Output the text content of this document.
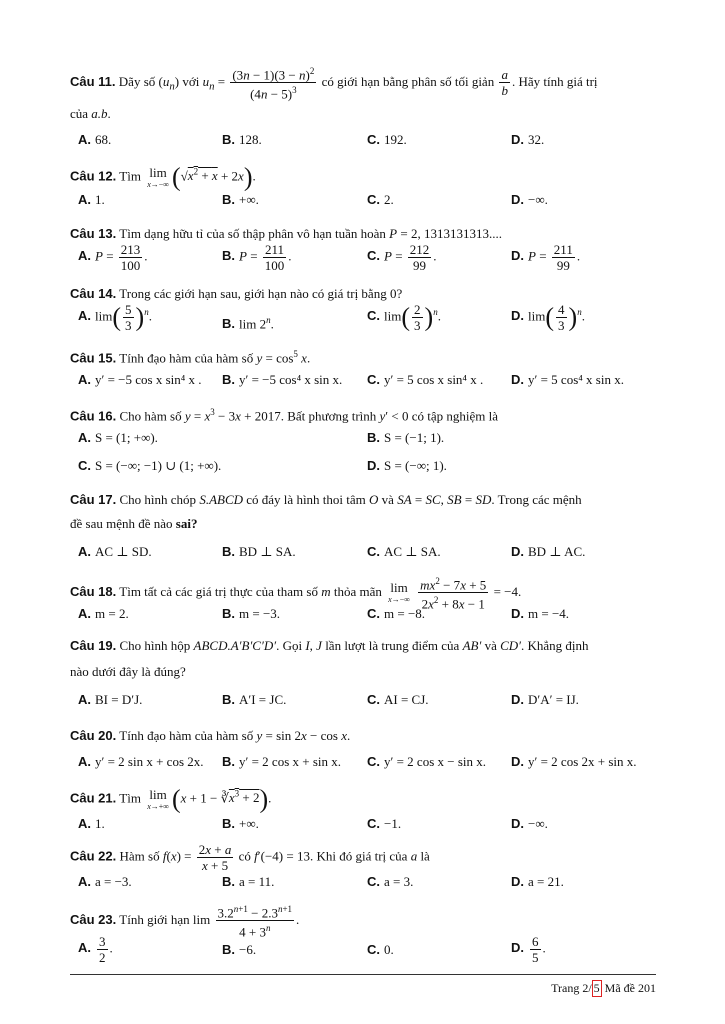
Câu 11. Dãy số $(u_n)$ với $u_n = \frac{(3n - 1)(3 - n)^2}{(4n - 5)^3}$ có giới hạn bằng phân số tối giản $\frac{a}{b}$ . Hãy tính giá trị
của a.b.
A. 68.	B. 128.	C. 192.	D. 32.
Câu 12. Tìm lim
x→−∞ $(√x^2 + x + 2x)$.
A. 1.	B. +∞.	C. 2.	D. −∞.
Câu 13. Tìm dạng hữu tỉ của số thập phân vô hạn tuần hoàn P = 2, 1313131313....
A. $P = \frac{213}{100}$ .	B. $P = \frac{211}{100}$ .	C. $P = \frac{212}{99}$ .	D. $P = \frac{211}{99}$ .
Câu 14. Trong các giới hạn sau, giới hạn nào có giá trị bằng 0?
A. $\lim( \frac{5}{3} )^n$.
B. lim 2$^n$.
C. $\lim( \frac{2}{3} )^n$.	D. $\lim( \frac{4}{3} )^n$.
Câu 15. Tính đạo hàm của hàm số $y = \cos^5 x$.
A. y′ = −5 cos x sin⁴ x . B. y′ = −5 cos⁴ x sin x. C. y′ = 5 cos x sin⁴ x . D. y′ = 5 cos⁴ x sin x.
Câu 16. Cho hàm số $y = x^3 - 3x + 2017$. Bất phương trình y′ < 0 có tập nghiệm là
A. S = (1; +∞).	B. S = (−1; 1).
C. S = (−∞; −1) ∪ (1; +∞).	D. S = (−∞; 1).
Câu 17. Cho hình chóp S.ABCD có đáy là hình thoi tâm O và SA = SC, SB = SD. Trong các mệnh
đề sau mệnh đề nào sai?
A. AC ⊥ SD.	B. BD ⊥ SA.	C. AC ⊥ SA.	D. BD ⊥ AC.
Câu 18. Tìm tất cả các giá trị thực của tham số m thỏa mãn lim
x→−∞
$\frac{mx^2 - 7x + 5}{2x^2 + 8x - 1} = -4$.
A. m = 2.	B. m = −3.	C. m = −8.	D. m = −4.
Câu 19. Cho hình hộp ABCD.A′B′C′D′. Gọi I, J lần lượt là trung điểm của AB′ và CD′. Khẳng định
nào dưới đây là đúng?
A. BI = D′J.	B. A′I = JC.	C. AI = CJ.	D. D′A′ = IJ.
Câu 20. Tính đạo hàm của hàm số y = sin 2x − cos x.
A. y′ = 2 sin x + cos 2x. B. y′ = 2 cos x + sin x. C. y′ = 2 cos x − sin x. D. y′ = 2 cos 2x + sin x.
Câu 21. Tìm lim
x→+∞ $(x + 1 - ∛x^3 + 2)$.
A. 1.	B. +∞.	C. −1.	D. −∞.
Câu 22. Hàm số $f(x) = \frac{2x + a}{x + 5}$ có f′(−4) = 13. Khi đó giá trị của a là
A. a = −3.	B. a = 11.	C. a = 3.	D. a = 21.
Câu 23. Tính giới hạn $\lim \frac{3.2^{n+1} - 2.3^{n+1}}{4 + 3^n}$ .
A. $\frac{3}{2}$ .	B. −6.	C. 0.	D. $\frac{6}{5}$ .
Trang 2/ 5 Mã đề 201
